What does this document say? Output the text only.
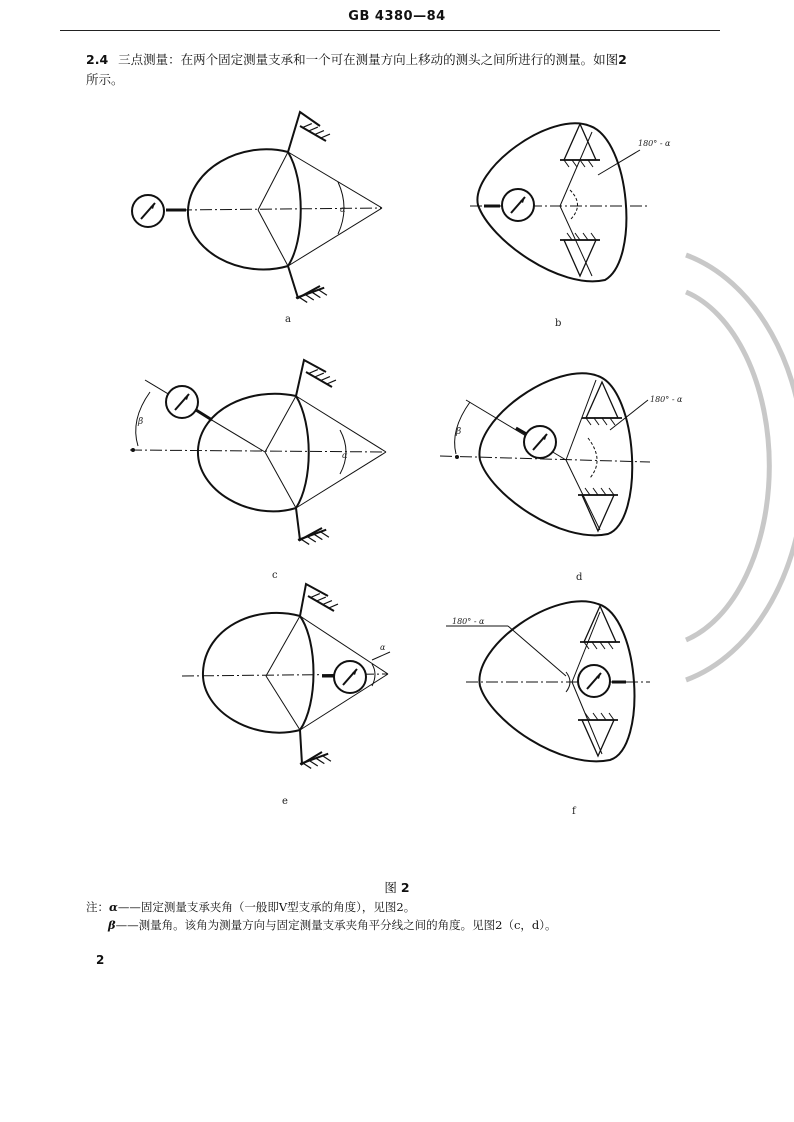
GB 4380—84
2.4 三点测量：在两个固定测量支承和一个可在测量方向上移动的测头之间所进行的测量。如图2
所示。
α
a
180° - α
b
β
α
c
180° - α
β
d
α
e
180° - α
f
图 2
注：α——固定测量支承夹角（一般即V型支承的角度），见图2。
β——测量角。该角为测量方向与固定测量支承夹角平分线之间的角度。见图2（c，d）。
2
